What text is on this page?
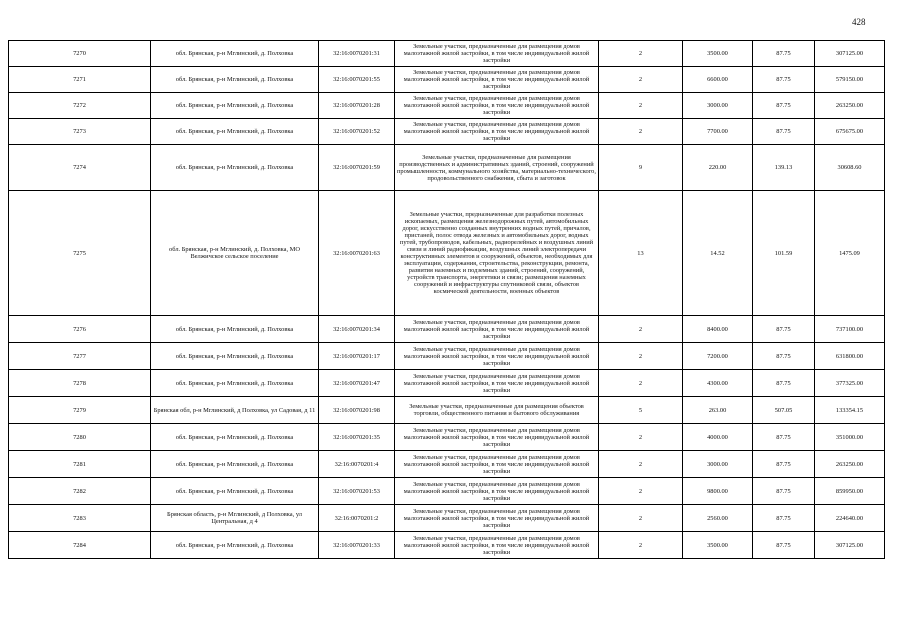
428
7270	обл. Брянская, р-н Мглинский, д. Полховка	32:16:0070201:31	Земельные участки, предназначенные для размещения домов малоэтажной жилой застройки, в том числе индивидуальной жилой застройки	2	3500.00	87.75	307125.00
7271	обл. Брянская, р-н Мглинский, д. Полховка	32:16:0070201:55	Земельные участки, предназначенные для размещения домов малоэтажной жилой застройки, в том числе индивидуальной жилой застройки	2	6600.00	87.75	579150.00
7272	обл. Брянская, р-н Мглинский, д. Полховка	32:16:0070201:28	Земельные участки, предназначенные для размещения домов малоэтажной жилой застройки, в том числе индивидуальной жилой застройки	2	3000.00	87.75	263250.00
7273	обл. Брянская, р-н Мглинский, д. Полховка	32:16:0070201:52	Земельные участки, предназначенные для размещения домов малоэтажной жилой застройки, в том числе индивидуальной жилой застройки	2	7700.00	87.75	675675.00
7274	обл. Брянская, р-н Мглинский, д. Полховка	32:16:0070201:59	Земельные участки, предназначенные для размещения производственных и административных зданий, строений, сооружений промышленности, коммунального хозяйства, материально-технического, продовольственного снабжения, сбыта и заготовок	9	220.00	139.13	30608.60
7275	обл. Брянская, р-н Мглинский, д. Полховка, МО Велжичское сельское поселение	32:16:0070201:63	Земельные участки, предназначенные для разработки полезных ископаемых, размещения железнодорожных путей, автомобильных дорог, искусственно созданных внутренних водных путей, причалов, пристаней, полос отвода железных и автомобильных дорог, водных путей, трубопроводов, кабельных, радиорелейных и воздушных линий связи и линий радиофикации, воздушных линий электропередачи конструктивных элементов и сооружений, объектов, необходимых для эксплуатации, содержания, строительства, реконструкции, ремонта, развития наземных и подземных зданий, строений, сооружений, устройств транспорта, энергетики и связи; размещения наземных сооружений и инфраструктуры спутниковой связи, объектов космической деятельности, военных объектов	13	14.52	101.59	1475.09
7276	обл. Брянская, р-н Мглинский, д. Полховка	32:16:0070201:34	Земельные участки, предназначенные для размещения домов малоэтажной жилой застройки, в том числе индивидуальной жилой застройки	2	8400.00	87.75	737100.00
7277	обл. Брянская, р-н Мглинский, д. Полховка	32:16:0070201:17	Земельные участки, предназначенные для размещения домов малоэтажной жилой застройки, в том числе индивидуальной жилой застройки	2	7200.00	87.75	631800.00
7278	обл. Брянская, р-н Мглинский, д. Полховка	32:16:0070201:47	Земельные участки, предназначенные для размещения домов малоэтажной жилой застройки, в том числе индивидуальной жилой застройки	2	4300.00	87.75	377325.00
7279	Брянская обл, р-н Мглинский, д Полховка, ул Садовая, д 11	32:16:0070201:98	Земельные участки, предназначенные для размещения объектов торговли, общественного питания и бытового обслуживания	5	263.00	507.05	133354.15
7280	обл. Брянская, р-н Мглинский, д. Полховка	32:16:0070201:35	Земельные участки, предназначенные для размещения домов малоэтажной жилой застройки, в том числе индивидуальной жилой застройки	2	4000.00	87.75	351000.00
7281	обл. Брянская, р-н Мглинский, д. Полховка	32:16:0070201:4	Земельные участки, предназначенные для размещения домов малоэтажной жилой застройки, в том числе индивидуальной жилой застройки	2	3000.00	87.75	263250.00
7282	обл. Брянская, р-н Мглинский, д. Полховка	32:16:0070201:53	Земельные участки, предназначенные для размещения домов малоэтажной жилой застройки, в том числе индивидуальной жилой застройки	2	9800.00	87.75	859950.00
7283	Брянская область, р-н Мглинский, д Полховка, ул Центральная, д 4	32:16:0070201:2	Земельные участки, предназначенные для размещения домов малоэтажной жилой застройки, в том числе индивидуальной жилой застройки	2	2560.00	87.75	224640.00
7284	обл. Брянская, р-н Мглинский, д. Полховка	32:16:0070201:33	Земельные участки, предназначенные для размещения домов малоэтажной жилой застройки, в том числе индивидуальной жилой застройки	2	3500.00	87.75	307125.00
